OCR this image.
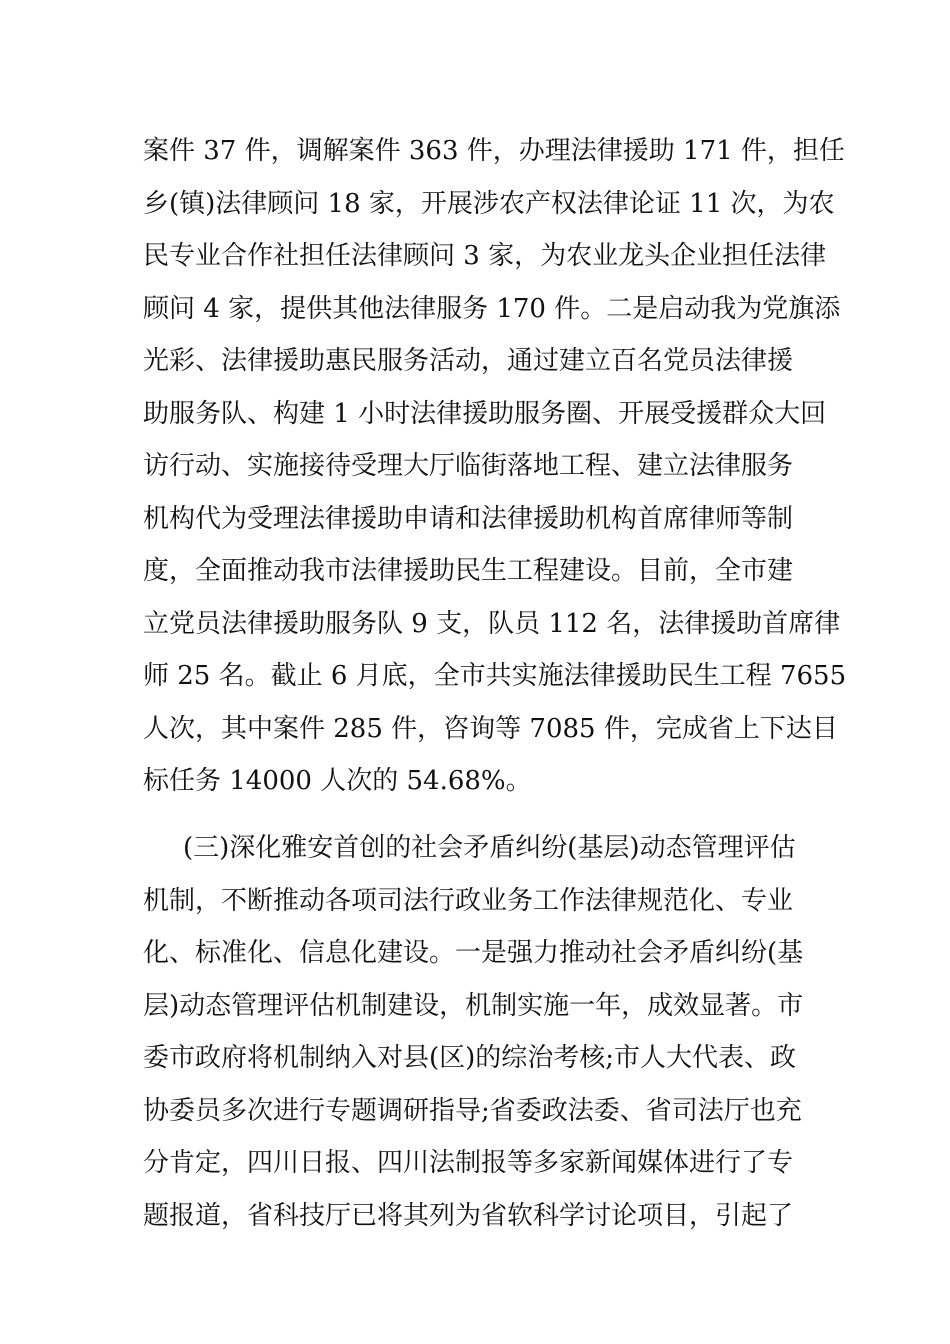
案件 37 件，调解案件 363 件，办理法律援助 171 件，担任
乡(镇)法律顾问 18 家，开展涉农产权法律论证 11 次，为农
民专业合作社担任法律顾问 3 家，为农业龙头企业担任法律
顾问 4 家，提供其他法律服务 170 件。二是启动我为党旗添
光彩、法律援助惠民服务活动，通过建立百名党员法律援
助服务队、构建 1 小时法律援助服务圈、开展受援群众大回
访行动、实施接待受理大厅临街落地工程、建立法律服务
机构代为受理法律援助申请和法律援助机构首席律师等制
度，全面推动我市法律援助民生工程建设。目前，全市建
立党员法律援助服务队 9 支，队员 112 名，法律援助首席律
师 25 名。截止 6 月底，全市共实施法律援助民生工程 7655
人次，其中案件 285 件，咨询等 7085 件，完成省上下达目
标任务 14000 人次的 54.68%。
(三)深化雅安首创的社会矛盾纠纷(基层)动态管理评估
机制，不断推动各项司法行政业务工作法律规范化、专业
化、标准化、信息化建设。一是强力推动社会矛盾纠纷(基
层)动态管理评估机制建设，机制实施一年，成效显著。市
委市政府将机制纳入对县(区)的综治考核;市人大代表、政
协委员多次进行专题调研指导;省委政法委、省司法厅也充
分肯定，四川日报、四川法制报等多家新闻媒体进行了专
题报道，省科技厅已将其列为省软科学讨论项目，引起了
